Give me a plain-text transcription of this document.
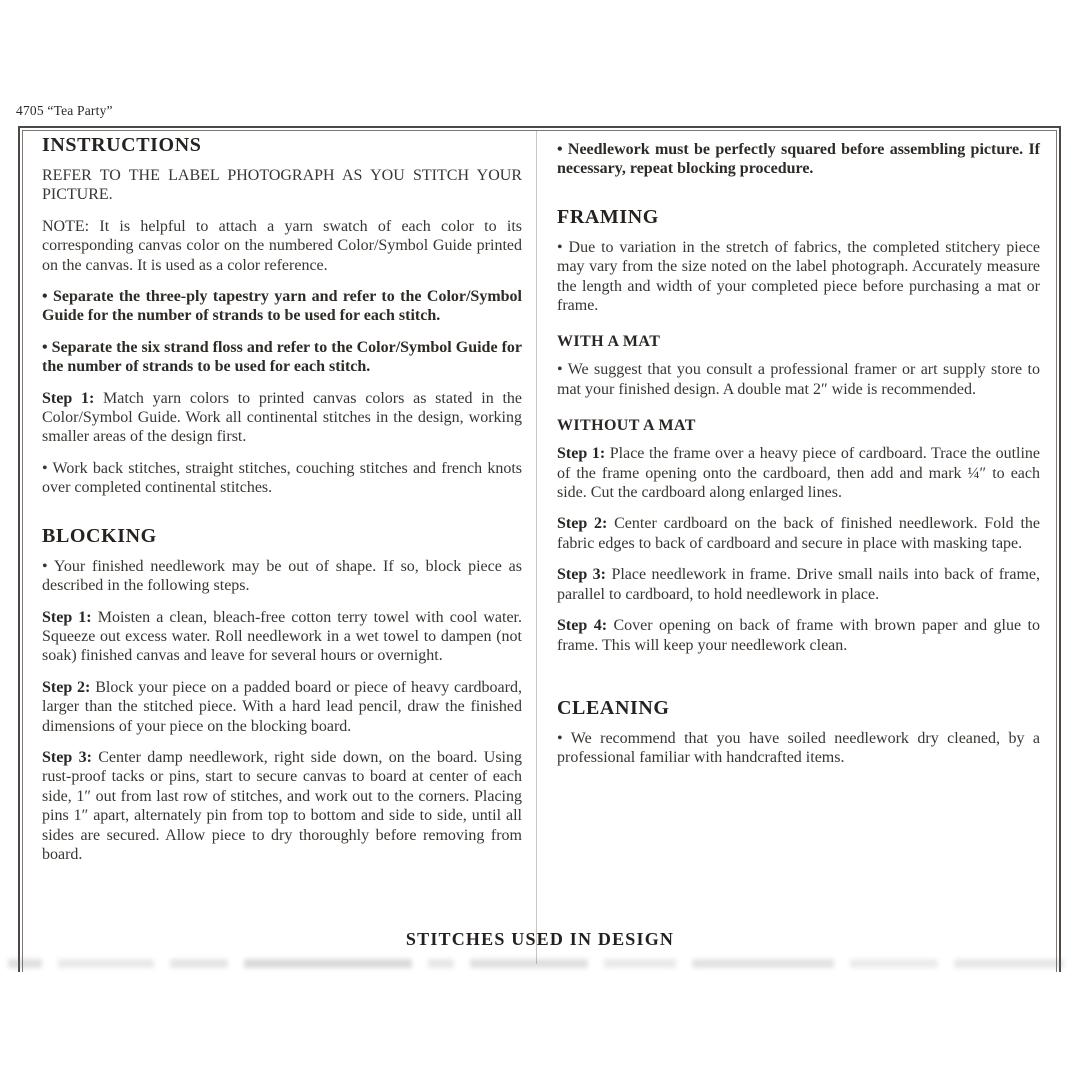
4705 “Tea Party”
INSTRUCTIONS

REFER TO THE LABEL PHOTOGRAPH AS YOU STITCH YOUR PICTURE.

NOTE: It is helpful to attach a yarn swatch of each color to its corresponding canvas color on the numbered Color/Symbol Guide printed on the canvas. It is used as a color reference.

• Separate the three-ply tapestry yarn and refer to the Color/Symbol Guide for the number of strands to be used for each stitch.

• Separate the six strand floss and refer to the Color/Symbol Guide for the number of strands to be used for each stitch.

Step 1: Match yarn colors to printed canvas colors as stated in the Color/Symbol Guide. Work all continental stitches in the design, working smaller areas of the design first.

• Work back stitches, straight stitches, couching stitches and french knots over completed continental stitches.

BLOCKING

• Your finished needlework may be out of shape. If so, block piece as described in the following steps.

Step 1: Moisten a clean, bleach-free cotton terry towel with cool water. Squeeze out excess water. Roll needlework in a wet towel to dampen (not soak) finished canvas and leave for several hours or overnight.

Step 2: Block your piece on a padded board or piece of heavy cardboard, larger than the stitched piece. With a hard lead pencil, draw the finished dimensions of your piece on the blocking board.

Step 3: Center damp needlework, right side down, on the board. Using rust-proof tacks or pins, start to secure canvas to board at center of each side, 1″ out from last row of stitches, and work out to the corners. Placing pins 1″ apart, alternately pin from top to bottom and side to side, until all sides are secured. Allow piece to dry thoroughly before removing from board.

• Needlework must be perfectly squared before assembling picture. If necessary, repeat blocking procedure.

FRAMING

• Due to variation in the stretch of fabrics, the completed stitchery piece may vary from the size noted on the label photograph. Accurately measure the length and width of your completed piece before purchasing a mat or frame.

WITH A MAT

• We suggest that you consult a professional framer or art supply store to mat your finished design. A double mat 2″ wide is recommended.

WITHOUT A MAT

Step 1: Place the frame over a heavy piece of cardboard. Trace the outline of the frame opening onto the cardboard, then add and mark ¼″ to each side. Cut the cardboard along enlarged lines.

Step 2: Center cardboard on the back of finished needlework. Fold the fabric edges to back of cardboard and secure in place with masking tape.

Step 3: Place needlework in frame. Drive small nails into back of frame, parallel to cardboard, to hold needlework in place.

Step 4: Cover opening on back of frame with brown paper and glue to frame. This will keep your needlework clean.

CLEANING

• We recommend that you have soiled needlework dry cleaned, by a professional familiar with handcrafted items.

STITCHES USED IN DESIGN
